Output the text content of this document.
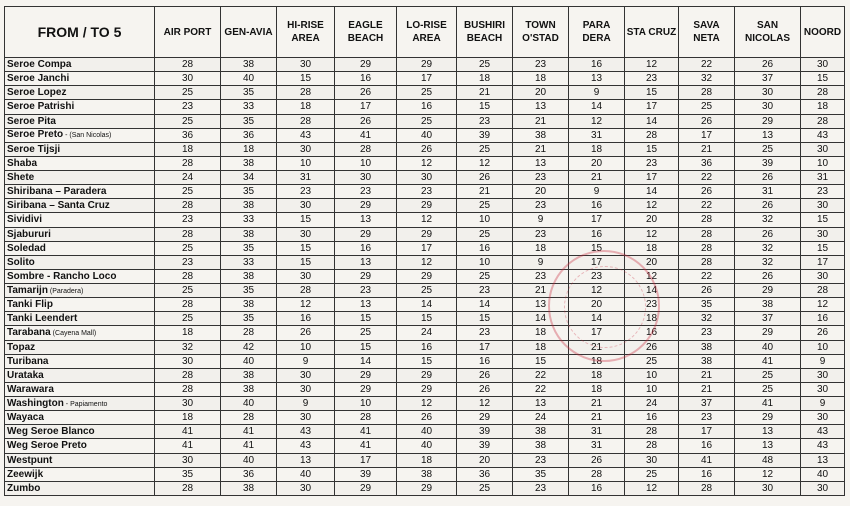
FROM / TO 5	AIR PORT	GEN-AVIA	HI-RISE AREA	EAGLE BEACH	LO-RISE AREA	BUSHIRI BEACH	TOWN O'STAD	PARA DERA	STA CRUZ	SAVA NETA	SAN NICOLAS	NOORD
Seroe Compa	28	38	30	29	29	25	23	16	12	22	26	30
Seroe Janchi	30	40	15	16	17	18	18	13	23	32	37	15
Seroe Lopez	25	35	28	26	25	21	20	9	15	28	30	28
Seroe Patrishi	23	33	18	17	16	15	13	14	17	25	30	18
Seroe Pita	25	35	28	26	25	23	21	12	14	26	29	28
Seroe Preto - (San Nicolas)	36	36	43	41	40	39	38	31	28	17	13	43
Seroe Tijsji	18	18	30	28	26	25	21	18	15	21	25	30
Shaba	28	38	10	10	12	12	13	20	23	36	39	10
Shete	24	34	31	30	30	26	23	21	17	22	26	31
Shiribana – Paradera	25	35	23	23	23	21	20	9	14	26	31	23
Siribana – Santa Cruz	28	38	30	29	29	25	23	16	12	22	26	30
Sividivi	23	33	15	13	12	10	9	17	20	28	32	15
Sjabururi	28	38	30	29	29	25	23	16	12	28	26	30
Soledad	25	35	15	16	17	16	18	15	18	28	32	15
Solito	23	33	15	13	12	10	9	17	20	28	32	17
Sombre - Rancho Loco	28	38	30	29	29	25	23	23	12	22	26	30
Tamarijn (Paradera)	25	35	28	23	25	23	21	12	14	26	29	28
Tanki Flip	28	38	12	13	14	14	13	20	23	35	38	12
Tanki Leendert	25	35	16	15	15	15	14	14	18	32	37	16
Tarabana (Cayena Mall)	18	28	26	25	24	23	18	17	16	23	29	26
Topaz	32	42	10	15	16	17	18	21	26	38	40	10
Turibana	30	40	9	14	15	16	15	18	25	38	41	9
Urataka	28	38	30	29	29	26	22	18	10	21	25	30
Warawara	28	38	30	29	29	26	22	18	10	21	25	30
Washington - Papiamento	30	40	9	10	12	12	13	21	24	37	41	9
Wayaca	18	28	30	28	26	29	24	21	16	23	29	30
Weg Seroe Blanco	41	41	43	41	40	39	38	31	28	17	13	43
Weg Seroe Preto	41	41	43	41	40	39	38	31	28	16	13	43
Westpunt	30	40	13	17	18	20	23	26	30	41	48	13
Zeewijk	35	36	40	39	38	36	35	28	25	16	12	40
Zumbo	28	38	30	29	29	25	23	16	12	28	30	30
